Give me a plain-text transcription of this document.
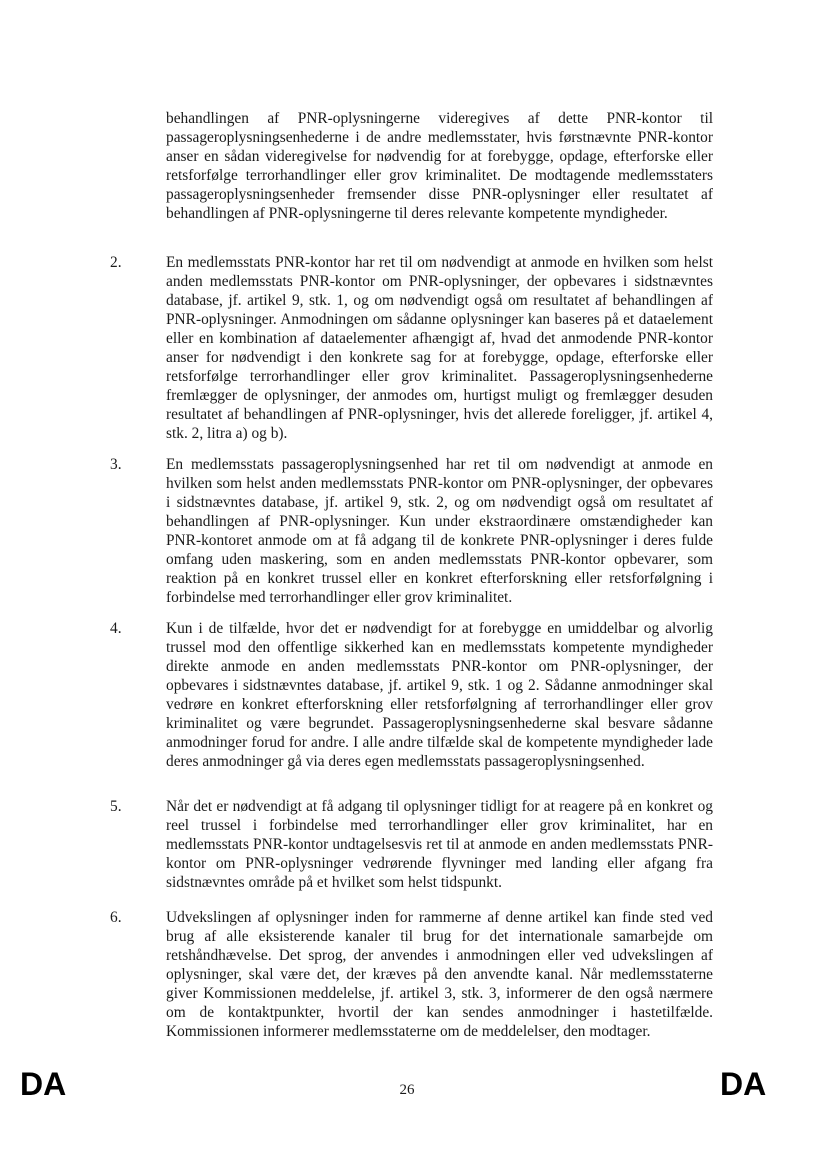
behandlingen af PNR-oplysningerne videregives af dette PNR-kontor til passageroplysningsenhederne i de andre medlemsstater, hvis førstnævnte PNR-kontor anser en sådan videregivelse for nødvendig for at forebygge, opdage, efterforske eller retsforfølge terrorhandlinger eller grov kriminalitet. De modtagende medlemsstaters passageroplysningsenheder fremsender disse PNR-oplysninger eller resultatet af behandlingen af PNR-oplysningerne til deres relevante kompetente myndigheder.

2.	En medlemsstats PNR-kontor har ret til om nødvendigt at anmode en hvilken som helst anden medlemsstats PNR-kontor om PNR-oplysninger, der opbevares i sidstnævntes database, jf. artikel 9, stk. 1, og om nødvendigt også om resultatet af behandlingen af PNR-oplysninger. Anmodningen om sådanne oplysninger kan baseres på et dataelement eller en kombination af dataelementer afhængigt af, hvad det anmodende PNR-kontor anser for nødvendigt i den konkrete sag for at forebygge, opdage, efterforske eller retsforfølge terrorhandlinger eller grov kriminalitet. Passageroplysningsenhederne fremlægger de oplysninger, der anmodes om, hurtigst muligt og fremlægger desuden resultatet af behandlingen af PNR-oplysninger, hvis det allerede foreligger, jf. artikel 4, stk. 2, litra a) og b).

3.	En medlemsstats passageroplysningsenhed har ret til om nødvendigt at anmode en hvilken som helst anden medlemsstats PNR-kontor om PNR-oplysninger, der opbevares i sidstnævntes database, jf. artikel 9, stk. 2, og om nødvendigt også om resultatet af behandlingen af PNR-oplysninger. Kun under ekstraordinære omstændigheder kan PNR-kontoret anmode om at få adgang til de konkrete PNR-oplysninger i deres fulde omfang uden maskering, som en anden medlemsstats PNR-kontor opbevarer, som reaktion på en konkret trussel eller en konkret efterforskning eller retsforfølgning i forbindelse med terrorhandlinger eller grov kriminalitet.

4.	Kun i de tilfælde, hvor det er nødvendigt for at forebygge en umiddelbar og alvorlig trussel mod den offentlige sikkerhed kan en medlemsstats kompetente myndigheder direkte anmode en anden medlemsstats PNR-kontor om PNR-oplysninger, der opbevares i sidstnævntes database, jf. artikel 9, stk. 1 og 2. Sådanne anmodninger skal vedrøre en konkret efterforskning eller retsforfølgning af terrorhandlinger eller grov kriminalitet og være begrundet. Passageroplysningsenhederne skal besvare sådanne anmodninger forud for andre. I alle andre tilfælde skal de kompetente myndigheder lade deres anmodninger gå via deres egen medlemsstats passageroplysningsenhed.

5.	Når det er nødvendigt at få adgang til oplysninger tidligt for at reagere på en konkret og reel trussel i forbindelse med terrorhandlinger eller grov kriminalitet, har en medlemsstats PNR-kontor undtagelsesvis ret til at anmode en anden medlemsstats PNR-kontor om PNR-oplysninger vedrørende flyvninger med landing eller afgang fra sidstnævntes område på et hvilket som helst tidspunkt.

6.	Udvekslingen af oplysninger inden for rammerne af denne artikel kan finde sted ved brug af alle eksisterende kanaler til brug for det internationale samarbejde om retshåndhævelse. Det sprog, der anvendes i anmodningen eller ved udvekslingen af oplysninger, skal være det, der kræves på den anvendte kanal. Når medlemsstaterne giver Kommissionen meddelelse, jf. artikel 3, stk. 3, informerer de den også nærmere om de kontaktpunkter, hvortil der kan sendes anmodninger i hastetilfælde. Kommissionen informerer medlemsstaterne om de meddelelser, den modtager.

DA	26	DA
